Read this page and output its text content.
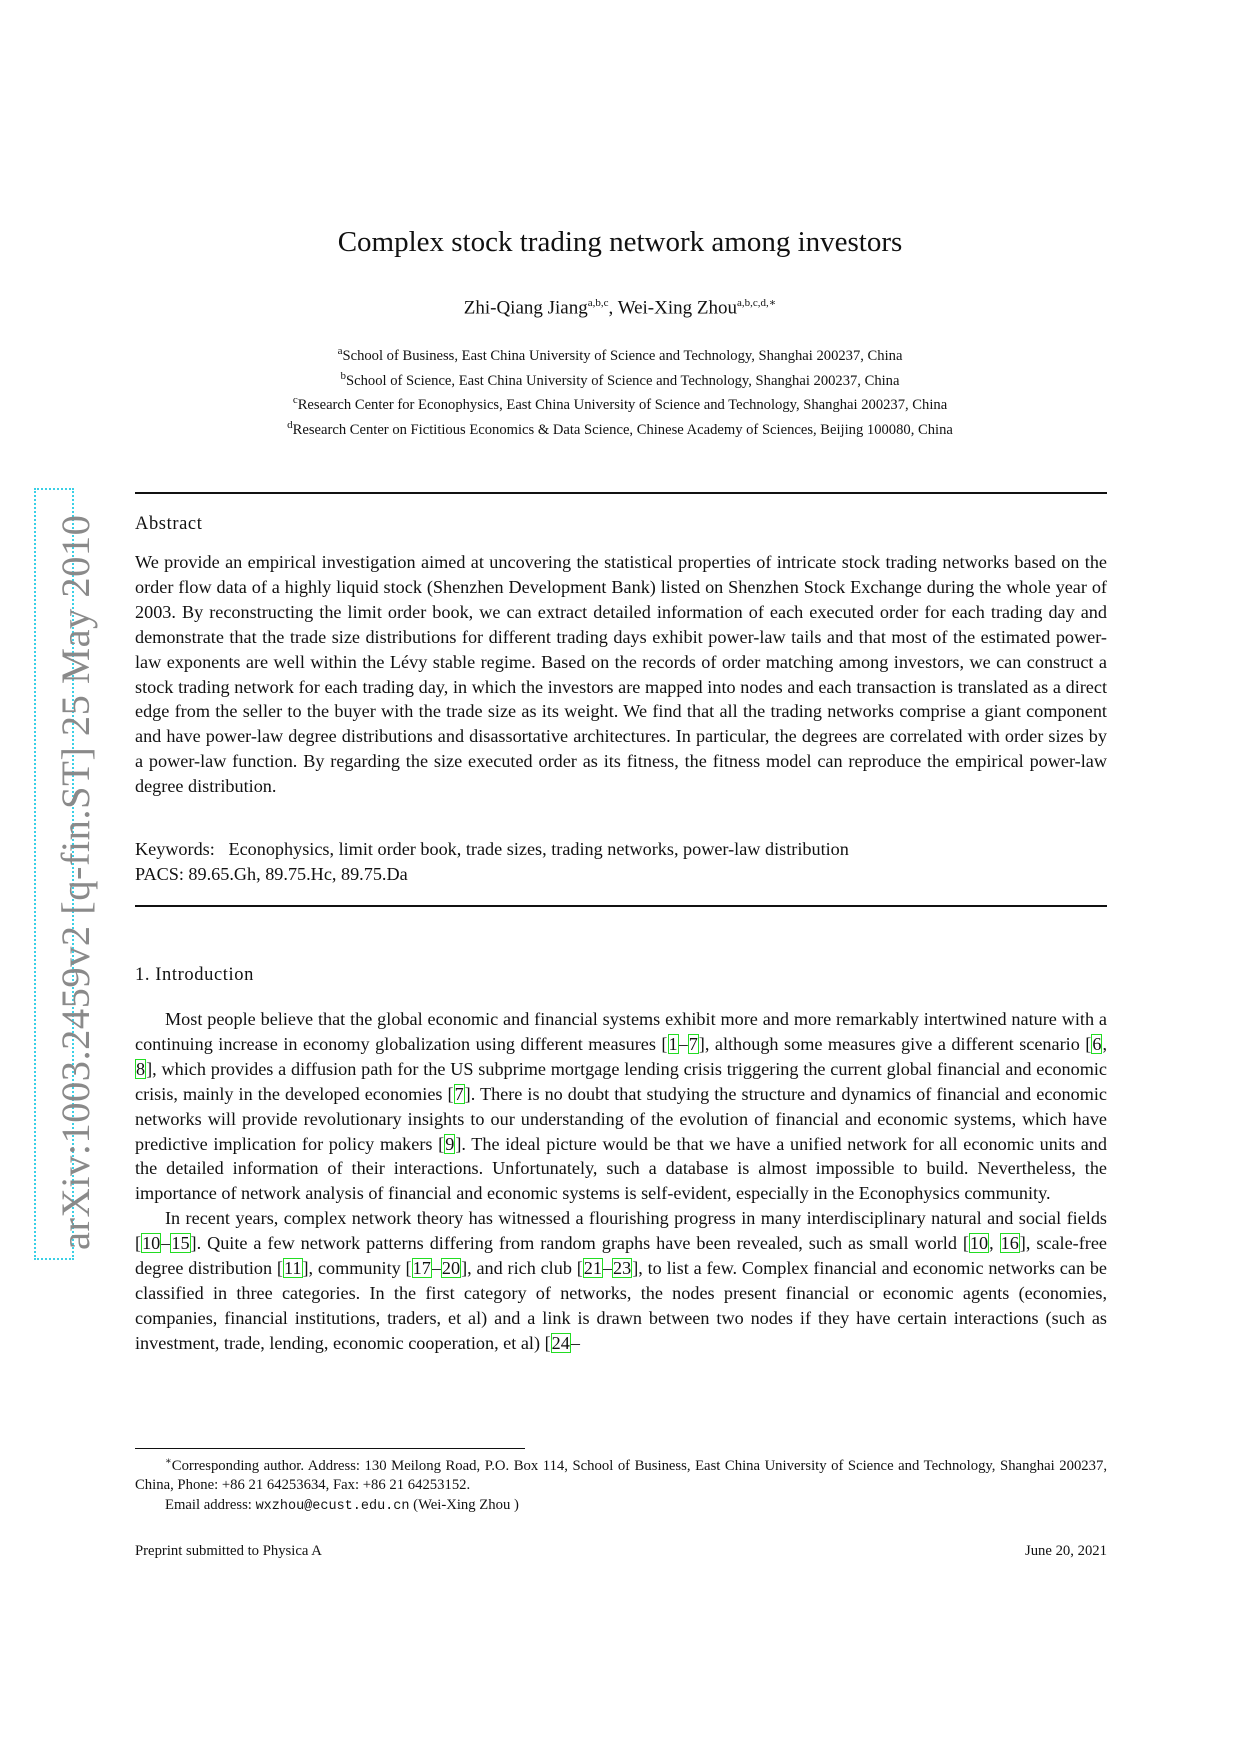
arXiv:1003.2459v2 [q-fin.ST] 25 May 2010
Complex stock trading network among investors
Zhi-Qiang Jiang$^{a,b,c}$, Wei-Xing Zhou$^{a,b,c,d,∗}$
$^a$School of Business, East China University of Science and Technology, Shanghai 200237, China
$^b$School of Science, East China University of Science and Technology, Shanghai 200237, China
$^c$Research Center for Econophysics, East China University of Science and Technology, Shanghai 200237, China
$^d$Research Center on Fictitious Economics & Data Science, Chinese Academy of Sciences, Beijing 100080, China
Abstract

We provide an empirical investigation aimed at uncovering the statistical properties of intricate stock trading networks based on the order flow data of a highly liquid stock (Shenzhen Development Bank) listed on Shenzhen Stock Exchange during the whole year of 2003. By reconstructing the limit order book, we can extract detailed information of each executed order for each trading day and demonstrate that the trade size distributions for different trading days exhibit power-law tails and that most of the estimated power-law exponents are well within the Lévy stable regime. Based on the records of order matching among investors, we can construct a stock trading network for each trading day, in which the investors are mapped into nodes and each transaction is translated as a direct edge from the seller to the buyer with the trade size as its weight. We find that all the trading networks comprise a giant component and have power-law degree distributions and disassortative architectures. In particular, the degrees are correlated with order sizes by a power-law function. By regarding the size executed order as its fitness, the fitness model can reproduce the empirical power-law degree distribution.

Keywords: Econophysics, limit order book, trade sizes, trading networks, power-law distribution
PACS: 89.65.Gh, 89.75.Hc, 89.75.Da
1. Introduction

Most people believe that the global economic and financial systems exhibit more and more remarkably intertwined nature with a continuing increase in economy globalization using different measures [1–7], although some measures give a different scenario [6, 8], which provides a diffusion path for the US subprime mortgage lending crisis triggering the current global financial and economic crisis, mainly in the developed economies [7]. There is no doubt that studying the structure and dynamics of financial and economic networks will provide revolutionary insights to our understanding of the evolution of financial and economic systems, which have predictive implication for policy makers [9]. The ideal picture would be that we have a unified network for all economic units and the detailed information of their interactions. Unfortunately, such a database is almost impossible to build. Nevertheless, the importance of network analysis of financial and economic systems is self-evident, especially in the Econophysics community.

In recent years, complex network theory has witnessed a flourishing progress in many interdisciplinary natural and social fields [10–15]. Quite a few network patterns differing from random graphs have been revealed, such as small world [10, 16], scale-free degree distribution [11], community [17–20], and rich club [21–23], to list a few. Complex financial and economic networks can be classified in three categories. In the first category of networks, the nodes present financial or economic agents (economies, companies, financial institutions, traders, et al) and a link is drawn between two nodes if they have certain interactions (such as investment, trade, lending, economic cooperation, et al) [24–

∗Corresponding author. Address: 130 Meilong Road, P.O. Box 114, School of Business, East China University of Science and Technology, Shanghai 200237, China, Phone: +86 21 64253634, Fax: +86 21 64253152.

Email address: wxzhou@ecust.edu.cn (Wei-Xing Zhou )

Preprint submitted to Physica A	June 20, 2021
